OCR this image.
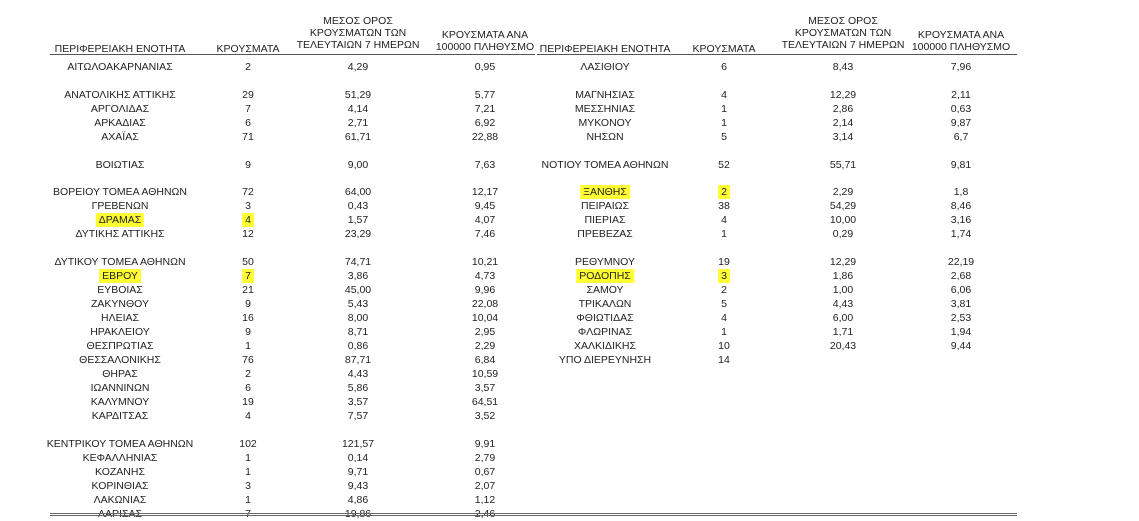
ΠΕΡΙΦΕΡΕΙΑΚΗ ΕΝΟΤΗΤΑ	ΚΡΟΥΣΜΑΤΑ
ΜΕΣΟΣ ΟΡΟΣ
ΚΡΟΥΣΜΑΤΩΝ ΤΩΝ
ΤΕΛΕΥΤΑΙΩΝ 7 ΗΜΕΡΩΝ
ΚΡΟΥΣΜΑΤΑ ΑΝΑ
100000 ΠΛΗΘΥΣΜΟ
ΑΙΤΩΛΟΑΚΑΡΝΑΝΙΑΣ	2	4,29	0,95
ΑΝΑΤΟΛΙΚΗΣ ΑΤΤΙΚΗΣ	29	51,29	5,77
ΑΡΓΟΛΙΔΑΣ	7	4,14	7,21
ΑΡΚΑΔΙΑΣ	6	2,71	6,92
ΑΧΑΪΑΣ	71	61,71	22,88
ΒΟΙΩΤΙΑΣ	9	9,00	7,63
ΒΟΡΕΙΟΥ ΤΟΜΕΑ ΑΘΗΝΩΝ	72	64,00	12,17
ΓΡΕΒΕΝΩΝ	3	0,43	9,45
ΔΡΑΜΑΣ	4	1,57	4,07
ΔΥΤΙΚΗΣ ΑΤΤΙΚΗΣ	12	23,29	7,46
ΔΥΤΙΚΟΥ ΤΟΜΕΑ ΑΘΗΝΩΝ	50	74,71	10,21
ΕΒΡΟΥ	7	3,86	4,73
ΕΥΒΟΙΑΣ	21	45,00	9,96
ΖΑΚΥΝΘΟΥ	9	5,43	22,08
ΗΛΕΙΑΣ	16	8,00	10,04
ΗΡΑΚΛΕΙΟΥ	9	8,71	2,95
ΘΕΣΠΡΩΤΙΑΣ	1	0,86	2,29
ΘΕΣΣΑΛΟΝΙΚΗΣ	76	87,71	6,84
ΘΗΡΑΣ	2	4,43	10,59
ΙΩΑΝΝΙΝΩΝ	6	5,86	3,57
ΚΑΛΥΜΝΟΥ	19	3,57	64,51
ΚΑΡΔΙΤΣΑΣ	4	7,57	3,52
ΚΕΝΤΡΙΚΟΥ ΤΟΜΕΑ ΑΘΗΝΩΝ	102	121,57	9,91
ΚΕΦΑΛΛΗΝΙΑΣ	1	0,14	2,79
ΚΟΖΑΝΗΣ	1	9,71	0,67
ΚΟΡΙΝΘΙΑΣ	3	9,43	2,07
ΛΑΚΩΝΙΑΣ	1	4,86	1,12
ΛΑΡΙΣΑΣ	7	19,86	2,46
ΠΕΡΙΦΕΡΕΙΑΚΗ ΕΝΟΤΗΤΑ ΚΡΟΥΣΜΑΤΑ
ΜΕΣΟΣ ΟΡΟΣ
ΚΡΟΥΣΜΑΤΩΝ ΤΩΝ
ΤΕΛΕΥΤΑΙΩΝ 7 ΗΜΕΡΩΝ
ΚΡΟΥΣΜΑΤΑ ΑΝΑ
100000 ΠΛΗΘΥΣΜΟ
ΛΑΣΙΘΙΟΥ	6	8,43	7,96
ΜΑΓΝΗΣΙΑΣ	4	12,29	2,11
ΜΕΣΣΗΝΙΑΣ	1	2,86	0,63
ΜΥΚΟΝΟΥ	1	2,14	9,87
ΝΗΣΩΝ	5	3,14	6,7
ΝΟΤΙΟΥ ΤΟΜΕΑ ΑΘΗΝΩΝ	52	55,71	9,81
ΞΑΝΘΗΣ	2	2,29	1,8
ΠΕΙΡΑΙΩΣ	38	54,29	8,46
ΠΙΕΡΙΑΣ	4	10,00	3,16
ΠΡΕΒΕΖΑΣ	1	0,29	1,74
ΡΕΘΥΜΝΟΥ	19	12,29	22,19
ΡΟΔΟΠΗΣ	3	1,86	2,68
ΣΑΜΟΥ	2	1,00	6,06
ΤΡΙΚΑΛΩΝ	5	4,43	3,81
ΦΘΙΩΤΙΔΑΣ	4	6,00	2,53
ΦΛΩΡΙΝΑΣ	1	1,71	1,94
ΧΑΛΚΙΔΙΚΗΣ	10	20,43	9,44
ΥΠΟ ΔΙΕΡΕΥΝΗΣΗ	14
